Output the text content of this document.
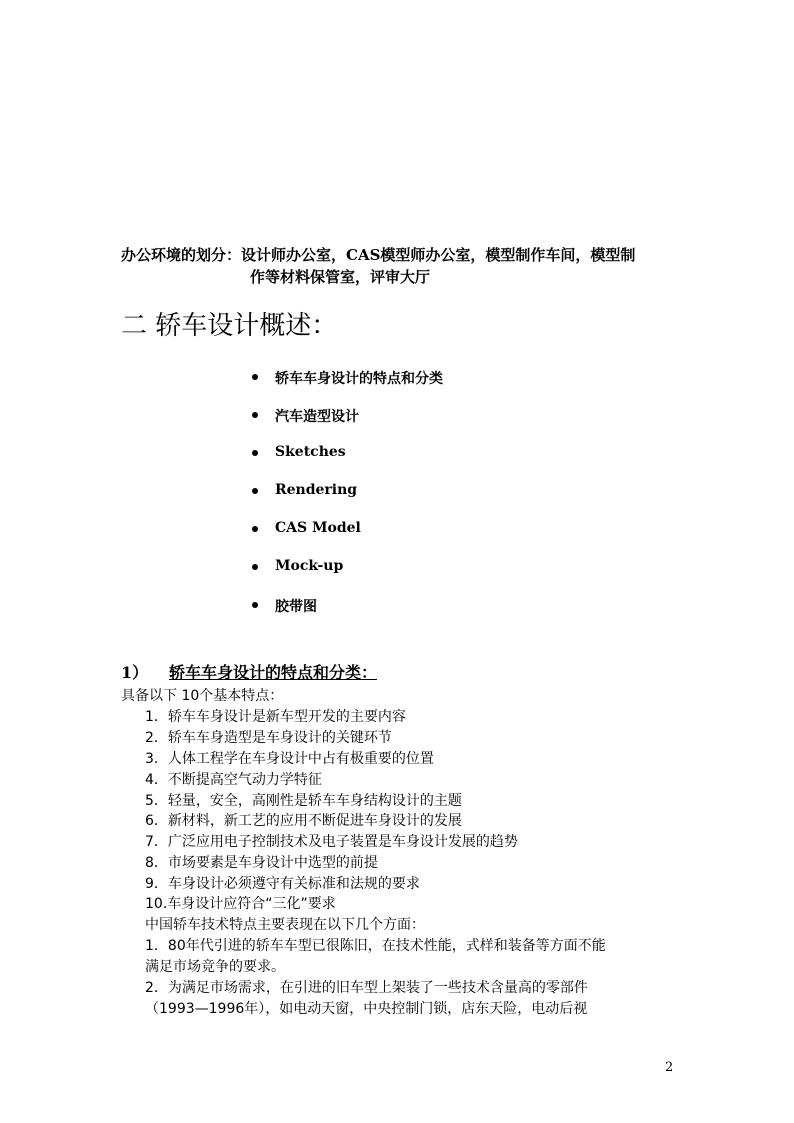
办公环境的划分：设计师办公室，CAS模型师办公室，模型制作车间，模型制
作等材料保管室，评审大厅
二 轿车设计概述：
轿车车身设计的特点和分类
汽车造型设计
Sketches
Rendering
CAS Model
Mock-up
胶带图
1） 轿车车身设计的特点和分类：
具备以下 10个基本特点：
1．轿车车身设计是新车型开发的主要内容
2．轿车车身造型是车身设计的关键环节
3．人体工程学在车身设计中占有极重要的位置
4．不断提高空气动力学特征
5．轻量，安全，高刚性是轿车车身结构设计的主题
6．新材料，新工艺的应用不断促进车身设计的发展
7．广泛应用电子控制技术及电子装置是车身设计发展的趋势
8．市场要素是车身设计中选型的前提
9．车身设计必须遵守有关标准和法规的要求
10.车身设计应符合“三化”要求
中国轿车技术特点主要表现在以下几个方面：
1．80年代引进的轿车车型已很陈旧，在技术性能，式样和装备等方面不能
满足市场竞争的要求。
2．为满足市场需求，在引进的旧车型上架装了一些技术含量高的零部件
（1993—1996年），如电动天窗，中央控制门锁，店东天险，电动后视
2
